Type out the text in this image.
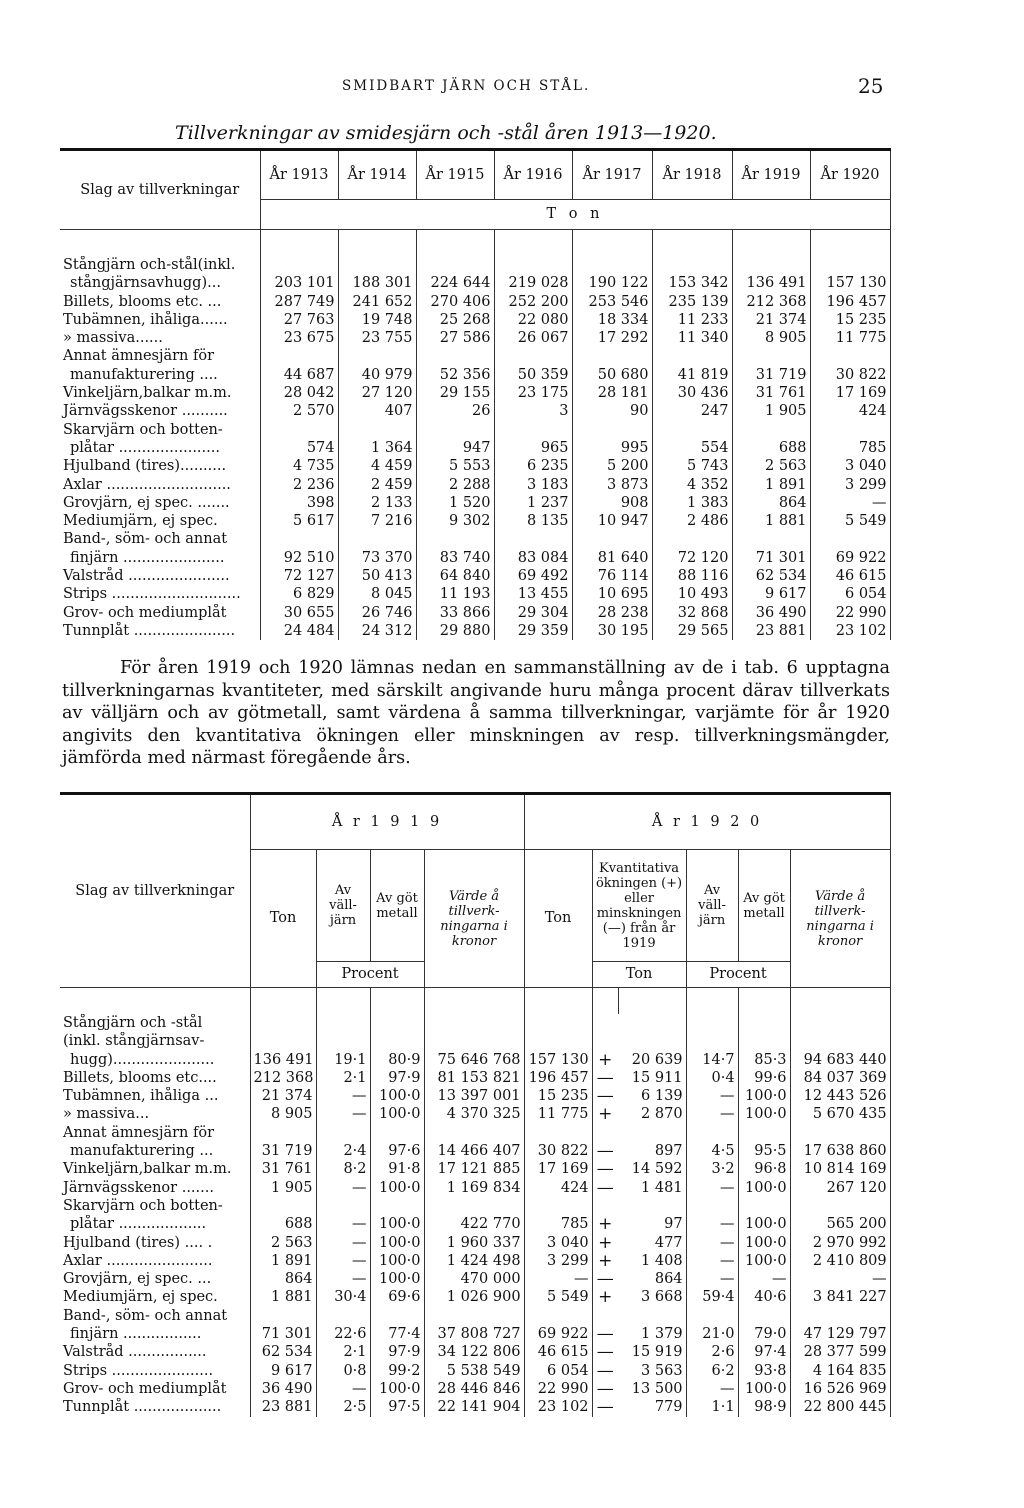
SMIDBART JÄRN OCH STÅL.	25
Tillverkningar av smidesjärn och -stål åren 1913—1920.
Slag av tillverkningar	År 1913	År 1914	År 1915	År 1916	År 1917	År 1918	År 1919	År 1920
	T o n							

Stångjärn och-stål(inkl.								
stångjärnsavhugg)...	203 101	188 301	224 644	219 028	190 122	153 342	136 491	157 130
Billets, blooms etc. ...	287 749	241 652	270 406	252 200	253 546	235 139	212 368	196 457
Tubämnen, ihåliga......	27 763	19 748	25 268	22 080	18 334	11 233	21 374	15 235
» massiva......	23 675	23 755	27 586	26 067	17 292	11 340	8 905	11 775
Annat ämnesjärn för								
manufakturering ....	44 687	40 979	52 356	50 359	50 680	41 819	31 719	30 822
Vinkeljärn,balkar m.m.	28 042	27 120	29 155	23 175	28 181	30 436	31 761	17 169
Järnvägsskenor ..........	2 570	407	26	3	90	247	1 905	424
Skarvjärn och botten-								
plåtar ......................	574	1 364	947	965	995	554	688	785
Hjulband (tires)..........	4 735	4 459	5 553	6 235	5 200	5 743	2 563	3 040
Axlar ...........................	2 236	2 459	2 288	3 183	3 873	4 352	1 891	3 299
Grovjärn, ej spec. .......	398	2 133	1 520	1 237	908	1 383	864	—
Mediumjärn, ej spec.	5 617	7 216	9 302	8 135	10 947	2 486	1 881	5 549
Band-, söm- och annat								
finjärn ......................	92 510	73 370	83 740	83 084	81 640	72 120	71 301	69 922
Valstråd ......................	72 127	50 413	64 840	69 492	76 114	88 116	62 534	46 615
Strips ............................	6 829	8 045	11 193	13 455	10 695	10 493	9 617	6 054
Grov- och mediumplåt	30 655	26 746	33 866	29 304	28 238	32 868	36 490	22 990
Tunnplåt ......................	24 484	24 312	29 880	29 359	30 195	29 565	23 881	23 102

För åren 1919 och 1920 lämnas nedan en sammanställning av de i tab. 6 upptagna tillverkningarnas kvantiteter, med särskilt angivande huru många procent därav tillverkats av välljärn och av götmetall, samt värdena å samma tillverkningar, varjämte för år 1920 angivits den kvantitativa ökningen eller minskningen av resp. tillverkningsmängder, jämförda med närmast föregående års.

Slag av tillverkningar	Å r 1 9 1 9				Å r 1 9 2 0					
	Ton	Av väll-järn	Av göt metall	Värde å tillverk-ningarna i kronor	Ton	Kvantitativa ökningen (+) eller minskningen (—) från år 1919		Av väll-järn	Av göt metall	Värde å tillverk-ningarna i kronor
		Procent				Ton		Procent		

Stångjärn och -stål										
(inkl. stångjärnsav-										
hugg)......................	136 491	19·1	80·9	75 646 768	157 130	+	20 639	14·7	85·3	94 683 440
Billets, blooms etc....	212 368	2·1	97·9	81 153 821	196 457	—	15 911	0·4	99·6	84 037 369
Tubämnen, ihåliga ...	21 374	—	100·0	13 397 001	15 235	—	6 139	—	100·0	12 443 526
» massiva...	8 905	—	100·0	4 370 325	11 775	+	2 870	—	100·0	5 670 435
Annat ämnesjärn för										
manufakturering ...	31 719	2·4	97·6	14 466 407	30 822	—	897	4·5	95·5	17 638 860
Vinkeljärn,balkar m.m.	31 761	8·2	91·8	17 121 885	17 169	—	14 592	3·2	96·8	10 814 169
Järnvägsskenor .......	1 905	—	100·0	1 169 834	424	—	1 481	—	100·0	267 120
Skarvjärn och botten-										
plåtar ...................	688	—	100·0	422 770	785	+	97	—	100·0	565 200
Hjulband (tires) .... .	2 563	—	100·0	1 960 337	3 040	+	477	—	100·0	2 970 992
Axlar .......................	1 891	—	100·0	1 424 498	3 299	+	1 408	—	100·0	2 410 809
Grovjärn, ej spec. ...	864	—	100·0	470 000	—	—	864	—	—	—
Mediumjärn, ej spec.	1 881	30·4	69·6	1 026 900	5 549	+	3 668	59·4	40·6	3 841 227
Band-, söm- och annat										
finjärn .................	71 301	22·6	77·4	37 808 727	69 922	—	1 379	21·0	79·0	47 129 797
Valstråd .................	62 534	2·1	97·9	34 122 806	46 615	—	15 919	2·6	97·4	28 377 599
Strips ......................	9 617	0·8	99·2	5 538 549	6 054	—	3 563	6·2	93·8	4 164 835
Grov- och mediumplåt	36 490	—	100·0	28 446 846	22 990	—	13 500	—	100·0	16 526 969
Tunnplåt ...................	23 881	2·5	97·5	22 141 904	23 102	—	779	1·1	98·9	22 800 445
